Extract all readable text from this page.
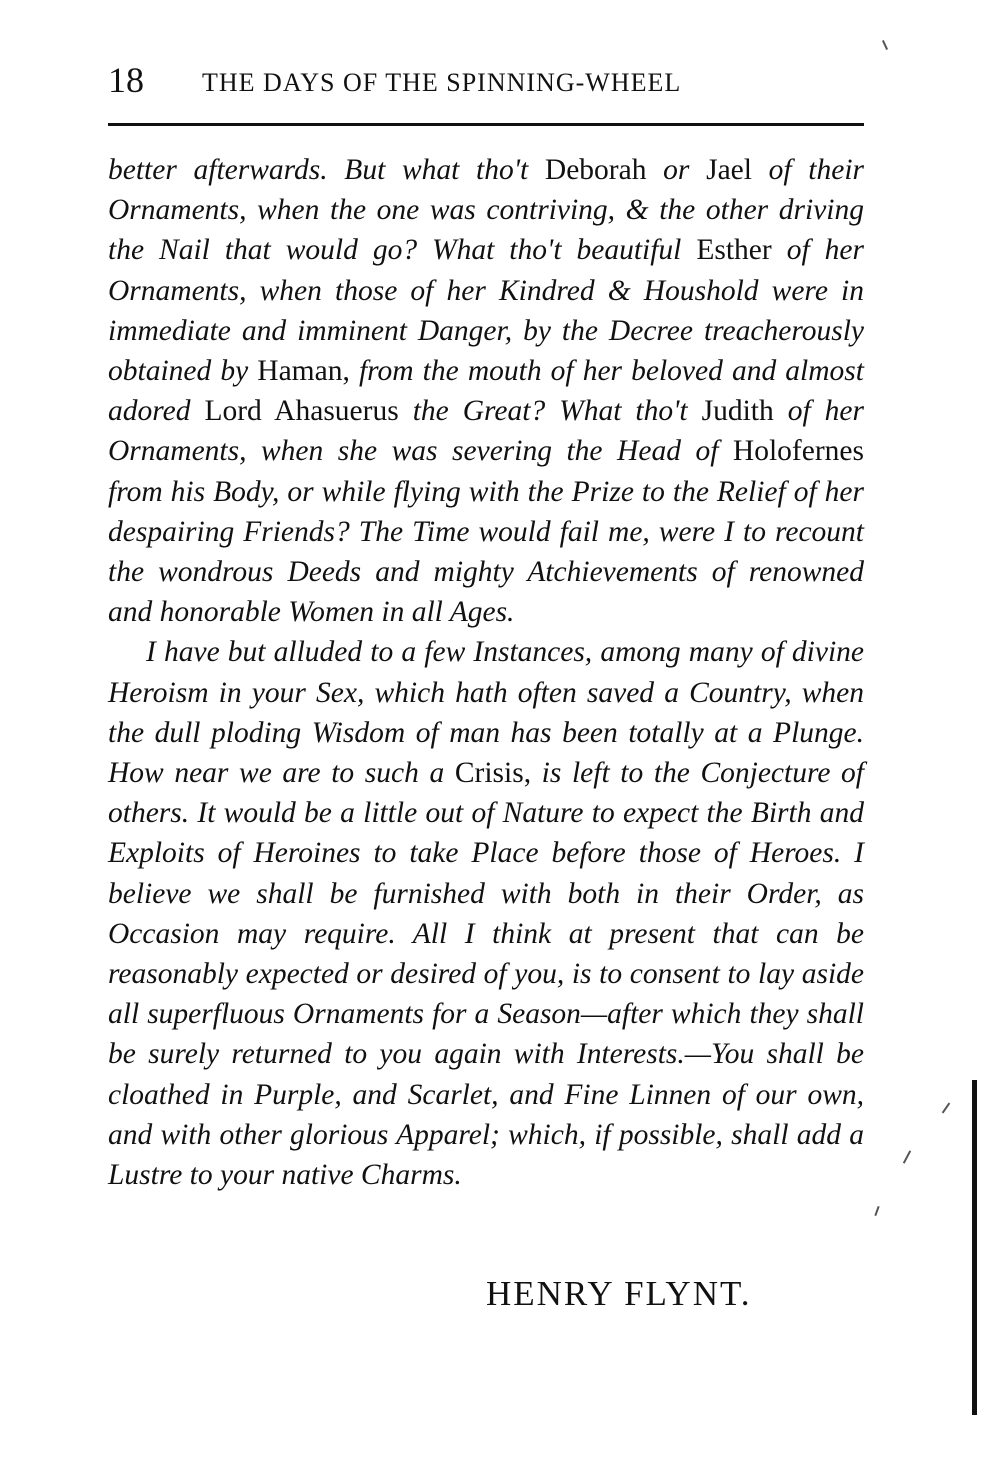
18 THE DAYS OF THE SPINNING-WHEEL

better afterwards. But what tho't Deborah or Jael of their Ornaments, when the one was contriving, & the other driving the Nail that would go? What tho't beautiful Esther of her Ornaments, when those of her Kindred & Houshold were in immediate and imminent Danger, by the Decree treacherously obtained by Haman, from the mouth of her beloved and almost adored Lord Ahasuerus the Great? What tho't Judith of her Ornaments, when she was severing the Head of Holofernes from his Body, or while flying with the Prize to the Relief of her despairing Friends? The Time would fail me, were I to recount the wondrous Deeds and mighty Atchievements of renowned and honorable Women in all Ages.

I have but alluded to a few Instances, among many of divine Heroism in your Sex, which hath often saved a Country, when the dull ploding Wisdom of man has been totally at a Plunge. How near we are to such a Crisis, is left to the Conjecture of others. It would be a little out of Nature to expect the Birth and Exploits of Heroines to take Place before those of Heroes. I believe we shall be furnished with both in their Order, as Occasion may require. All I think at present that can be reasonably expected or desired of you, is to consent to lay aside all superfluous Ornaments for a Season—after which they shall be surely returned to you again with Interests.—You shall be cloathed in Purple, and Scarlet, and Fine Linnen of our own, and with other glorious Apparel; which, if possible, shall add a Lustre to your native Charms.

HENRY FLYNT.
